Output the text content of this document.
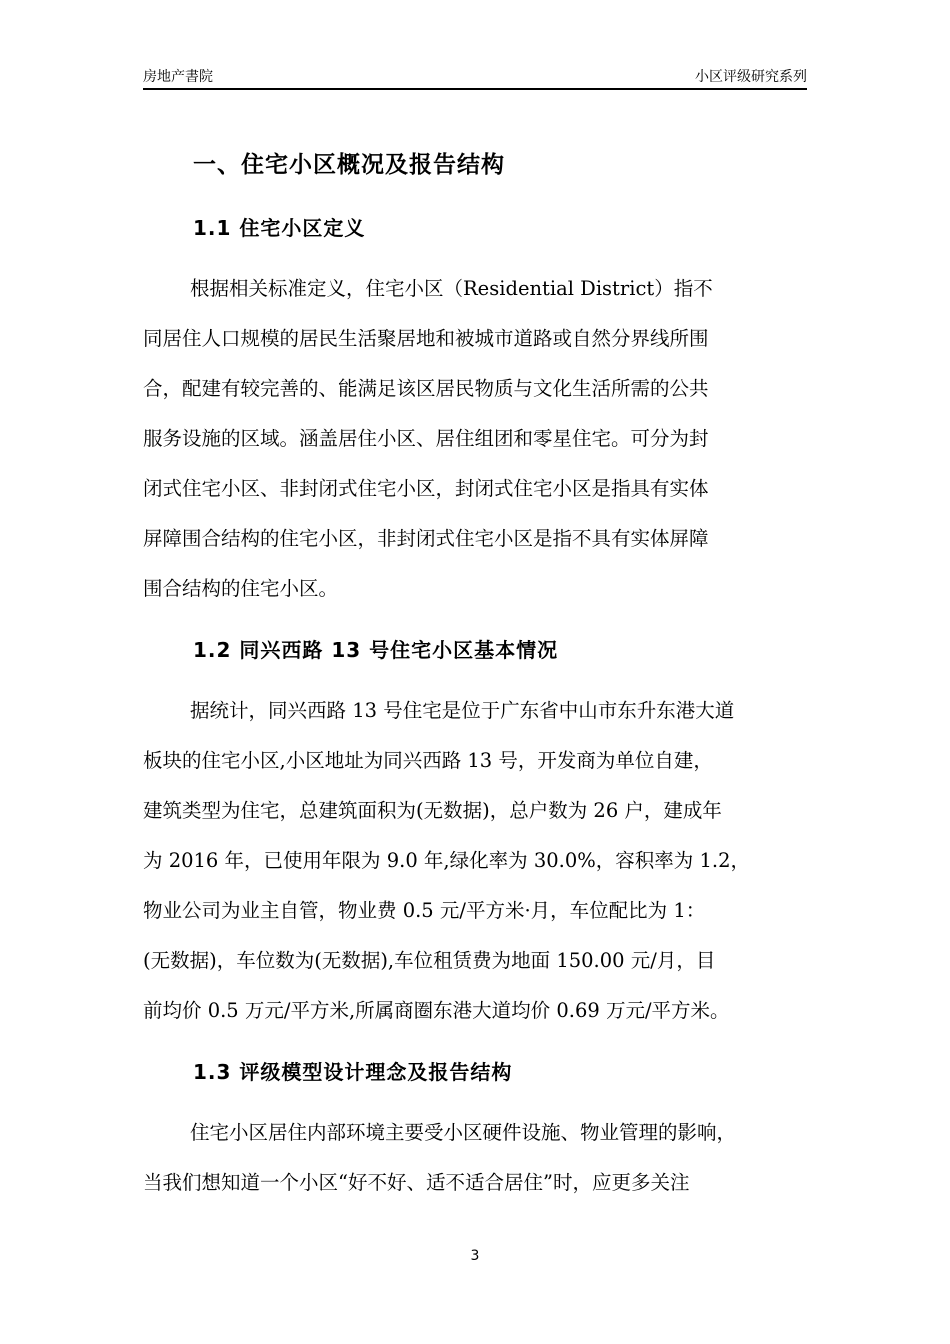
房地产書院	小区评级研究系列
一、住宅小区概况及报告结构
1.1 住宅小区定义
根据相关标准定义，住宅小区（Residential District）指不
同居住人口规模的居民生活聚居地和被城市道路或自然分界线所围
合，配建有较完善的、能满足该区居民物质与文化生活所需的公共
服务设施的区域。涵盖居住小区、居住组团和零星住宅。可分为封
闭式住宅小区、非封闭式住宅小区，封闭式住宅小区是指具有实体
屏障围合结构的住宅小区，非封闭式住宅小区是指不具有实体屏障
围合结构的住宅小区。
1.2 同兴西路 13 号住宅小区基本情况
据统计，同兴西路 13 号住宅是位于广东省中山市东升东港大道
板块的住宅小区,小区地址为同兴西路 13 号，开发商为单位自建，
建筑类型为住宅，总建筑面积为(无数据)，总户数为 26 户，建成年
为 2016 年，已使用年限为 9.0 年,绿化率为 30.0%，容积率为 1.2，
物业公司为业主自管，物业费 0.5 元/平方米·月，车位配比为 1：
(无数据)，车位数为(无数据),车位租赁费为地面 150.00 元/月，目
前均价 0.5 万元/平方米,所属商圈东港大道均价 0.69 万元/平方米。
1.3 评级模型设计理念及报告结构
住宅小区居住内部环境主要受小区硬件设施、物业管理的影响，
当我们想知道一个小区“好不好、适不适合居住”时，应更多关注
3
